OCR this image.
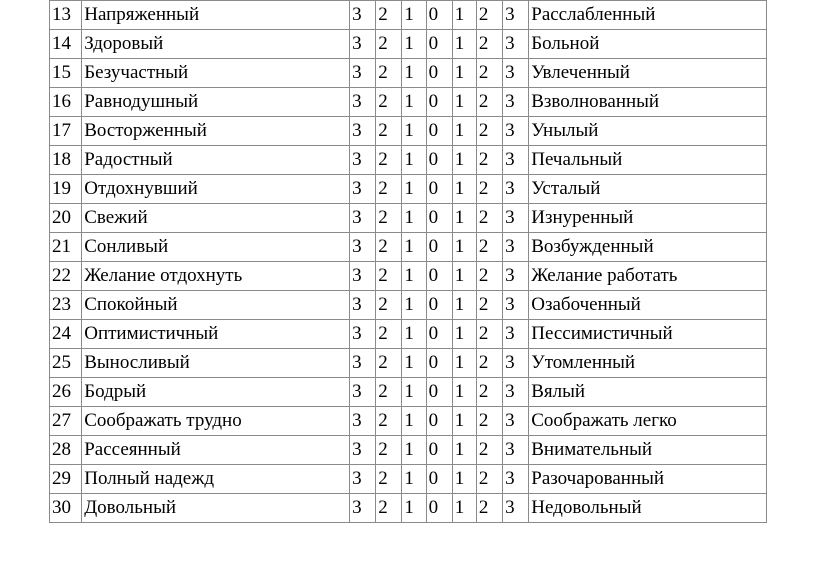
13	Напряженный	3	2	1	0	1	2	3	Расслабленный
14	Здоровый	3	2	1	0	1	2	3	Больной
15	Безучастный	3	2	1	0	1	2	3	Увлеченный
16	Равнодушный	3	2	1	0	1	2	3	Взволнованный
17	Восторженный	3	2	1	0	1	2	3	Унылый
18	Радостный	3	2	1	0	1	2	3	Печальный
19	Отдохнувший	3	2	1	0	1	2	3	Усталый
20	Свежий	3	2	1	0	1	2	3	Изнуренный
21	Сонливый	3	2	1	0	1	2	3	Возбужденный
22	Желание отдохнуть	3	2	1	0	1	2	3	Желание работать
23	Спокойный	3	2	1	0	1	2	3	Озабоченный
24	Оптимистичный	3	2	1	0	1	2	3	Пессимистичный
25	Выносливый	3	2	1	0	1	2	3	Утомленный
26	Бодрый	3	2	1	0	1	2	3	Вялый
27	Соображать трудно	3	2	1	0	1	2	3	Соображать легко
28	Рассеянный	3	2	1	0	1	2	3	Внимательный
29	Полный надежд	3	2	1	0	1	2	3	Разочарованный
30	Довольный	3	2	1	0	1	2	3	Недовольный
